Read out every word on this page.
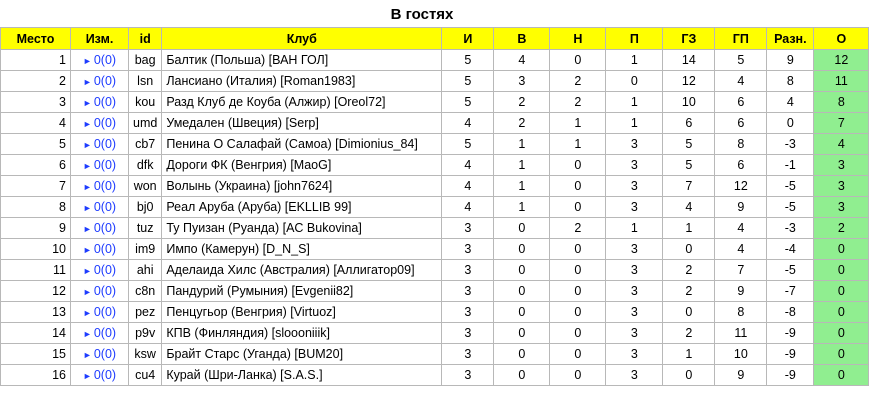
В гостях
Место	Изм.	id	Клуб	И	В	Н	П	ГЗ	ГП	Разн.	О
1	► 0(0)	bag	Балтик (Польша) [ВАН ГОЛ]	5	4	0	1	14	5	9	12
2	► 0(0)	lsn	Лансиано (Италия) [Roman1983]	5	3	2	0	12	4	8	11
3	► 0(0)	kou	Разд Клуб де Коуба (Алжир) [Oreol72]	5	2	2	1	10	6	4	8
4	► 0(0)	umd	Умедален (Швеция) [Serp]	4	2	1	1	6	6	0	7
5	► 0(0)	cb7	Пенина О Салафай (Самоа) [Dimionius_84]	5	1	1	3	5	8	-3	4
6	► 0(0)	dfk	Дороги ФК (Венгрия) [MaoG]	4	1	0	3	5	6	-1	3
7	► 0(0)	won	Волынь (Украина) [john7624]	4	1	0	3	7	12	-5	3
8	► 0(0)	bj0	Реал Аруба (Аруба) [EKLLIB 99]	4	1	0	3	4	9	-5	3
9	► 0(0)	tuz	Ту Пуизан (Руанда) [AC Bukovina]	3	0	2	1	1	4	-3	2
10	► 0(0)	im9	Импо (Камерун) [D_N_S]	3	0	0	3	0	4	-4	0
11	► 0(0)	ahi	Аделаида Хилс (Австралия) [Аллигатор09]	3	0	0	3	2	7	-5	0
12	► 0(0)	c8n	Пандурий (Румыния) [Evgenii82]	3	0	0	3	2	9	-7	0
13	► 0(0)	pez	Пенцугьор (Венгрия) [Virtuoz]	3	0	0	3	0	8	-8	0
14	► 0(0)	p9v	КПВ (Финляндия) [sloooniiik]	3	0	0	3	2	11	-9	0
15	► 0(0)	ksw	Брайт Старс (Уганда) [BUM20]	3	0	0	3	1	10	-9	0
16	► 0(0)	cu4	Курай (Шри-Ланка) [S.A.S.]	3	0	0	3	0	9	-9	0
